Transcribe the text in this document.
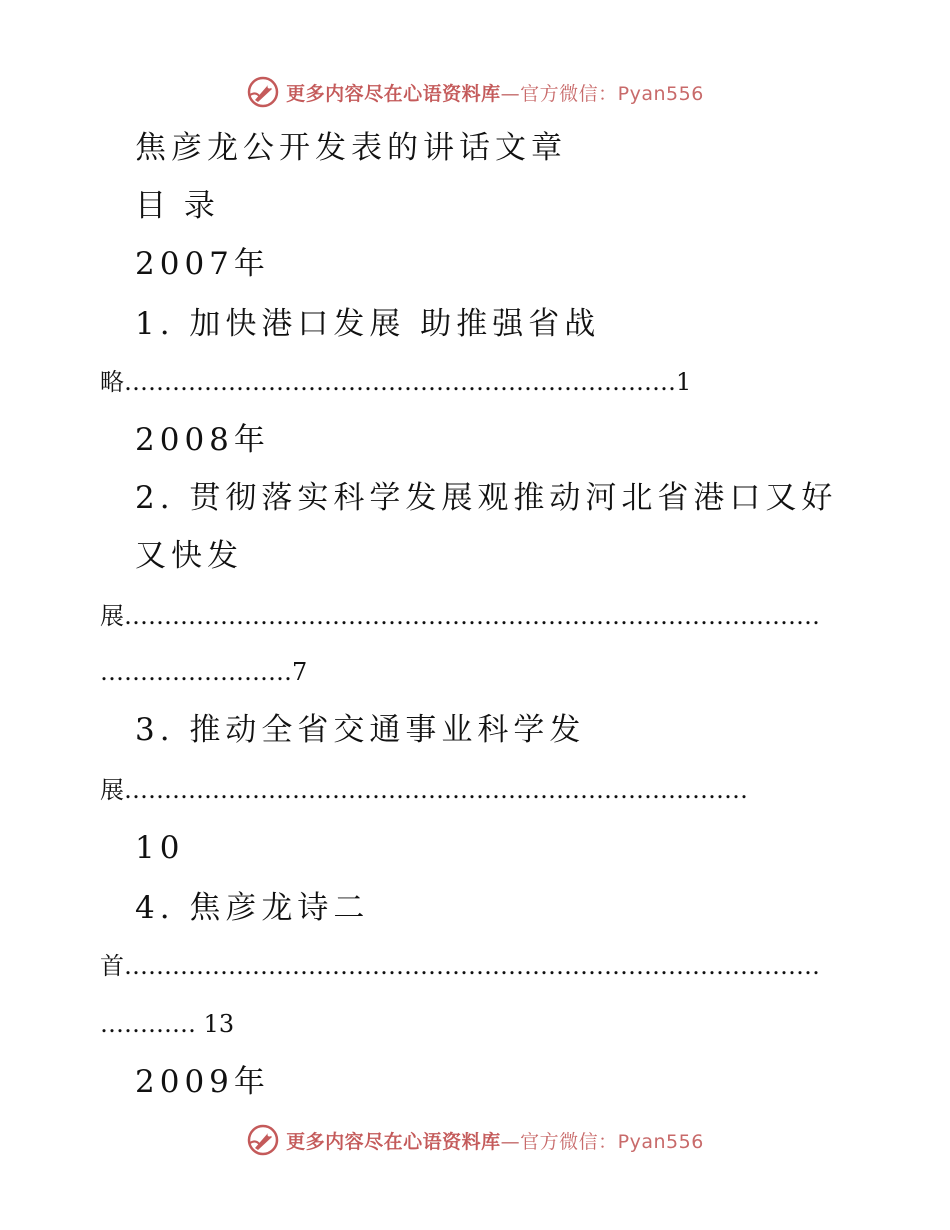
更多内容尽在心语资料库—官方微信：Pyan556
焦彦龙公开发表的讲话文章
目 录
2007年
1. 加快港口发展 助推强省战
略……………………………………………………………1
2008年
2. 贯彻落实科学发展观推动河北省港口又好
又快发
展……………………………………………………………………………
……………………7
3. 推动全省交通事业科学发
展……………………………………………………………………
10
4. 焦彦龙诗二
首……………………………………………………………………………
………… 13
2009年
更多内容尽在心语资料库—官方微信：Pyan556
